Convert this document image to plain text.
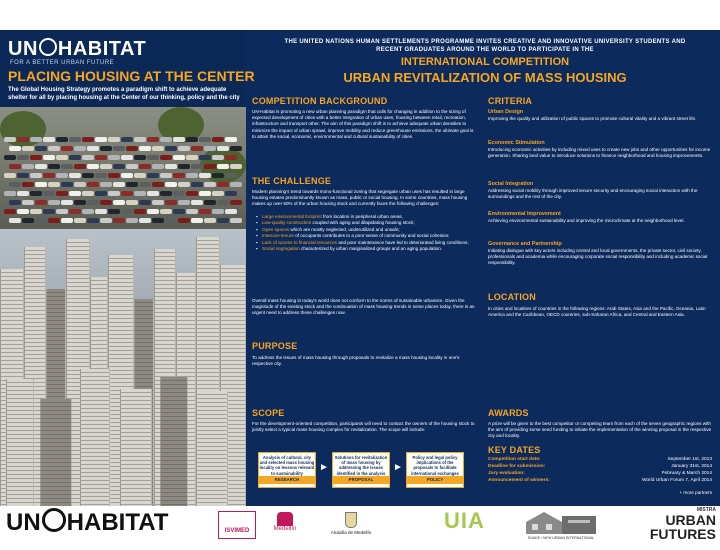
UN HABITAT
FOR A BETTER URBAN FUTURE
PLACING HOUSING AT THE CENTER
The Global Housing Strategy promotes a paradigm shift to achieve adequate shelter for all by placing housing at the Center of our thinking, policy and the city
THE UNITED NATIONS HUMAN SETTLEMENTS PROGRAMME INVITES CREATIVE AND INNOVATIVE UNIVERSITY STUDENTS AND
RECENT GRADUATES AROUND THE WORLD TO PARTICIPATE IN THE
INTERNATIONAL COMPETITION
URBAN REVITALIZATION OF MASS HOUSING
COMPETITION BACKGROUND
UN-Habitat is promoting a new urban planning paradigm that calls for changing in addition to the sizing of expected development of cities with a better integration of urban uses, housing between retail, recreation, infrastructure and transport other. The aim of this paradigm shift is to achieve adequate urban densities to minimize the impact of urban sprawl, improve mobility and reduce greenhouse emissions, the ultimate goal is to attain the social, economic, environmental and cultural sustainability of cities.
THE CHALLENGE
Modern planning's trend towards mono-functional zoning that segregate urban uses has resulted in large housing estates predominantly known as mass, public or social housing. In some countries, mass housing makes up over 50% of the urban housing stock and currently faces the following challenges:
▪ Large environmental footprint from location in peripheral urban areas,
▪ Low-quality construction coupled with aging and dilapidating housing stock;
▪ Open spaces which are mostly neglected, underutilized and unsafe;
▪ Insecure tenure of occupants contributes to a poor sense of community and social cohesion;
▪ Lack of access to financial resources and poor maintenance have led to deteriorated living conditions;
▪ Social segregation characterized by urban marginalized groups and an aging population.
Overall mass housing in today's world does not conform to the norms of sustainable urbanism. Given the magnitude of the existing stock and the continuation of mass housing trends in some places today, there is an urgent need to address these challenges now.
PURPOSE
To address the issues of mass housing through proposals to revitalize a mass housing locality in one's respective city.
SCOPE
For the development-oriented competition, participants will need to contact the owners of the housing stock to jointly select a typical mass housing complex for revitalization. The scope will include:
Analysis of cultural, city and selected mass housing locality on lessons relevant to sustainability
RESEARCH
►
Solutions for revitalization of mass housing by addressing the issues identified in the analysis
PROPOSAL
►
Policy and legal policy implications of the proposals to facilitate international exchanges
POLICY
CRITERIA
Urban Design
Improving the quality and utilization of public spaces to promote cultural vitality and a vibrant street life.
Economic Stimulation
Introducing economic activities by including mixed uses to create new jobs and other opportunities for income generation. Sharing land value to introduce solutions to finance neighborhood and housing improvements.
Social Integration
Addressing social mobility through improved tenure security and encouraging social interaction with the surroundings and the rest of the city.
Environmental Improvement
Achieving environmental sustainability and improving the microclimate at the neighborhood level.
Governance and Partnership
Initiating dialogue with key actors including central and local governments, the private sector, civil society, professionals and academia while encouraging corporate social responsibility and including academic social responsibility.
LOCATION
In cities and localities of countries in the following regions: Arab States, Asia and the Pacific, Oceania, Latin America and the Caribbean, OECD countries, sub-Saharan Africa, and Central and Eastern Asia.
AWARDS
A prize will be given to the best competitor or competing team from each of the seven geographic regions with the aim of providing some seed funding to initiate the implementation of the winning proposal in the respective city and locality.
KEY DATES
Competition start date:	September 1st, 2013
Deadline for submission:	January 31st, 2014
Jury evaluation:	February & March 2014
Announcement of winners:	World Urban Forum 7, April 2014
+ more partners
UN HABITAT	ISVIMED	Medellín
Alcaldía de Medellín	UIA
SHADE / NEW URBAN INTERNATIONAL
MISTRA
URBAN
FUTURES
